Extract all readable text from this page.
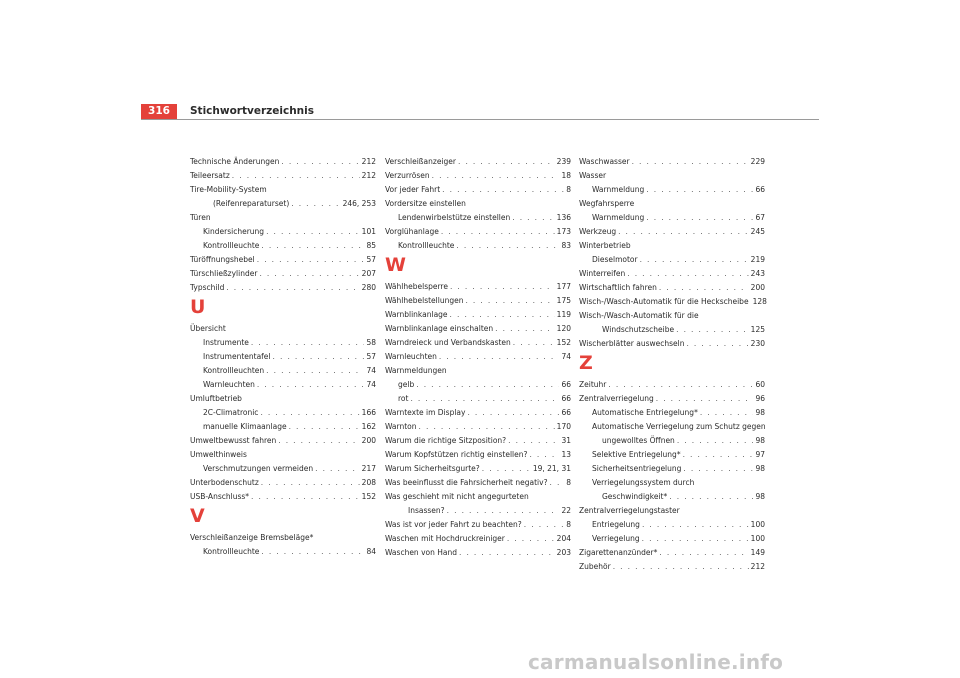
316	Stichwortverzeichnis
Technische Änderungen . . .	212
Teileersatz . . .	212
Tire-Mobility-System
(Reifenreparaturset) . . .	246, 253
Türen
Kindersicherung . . .	101
Kontrollleuchte . . .	85
Türöffnungshebel . . .	57
Türschließzylinder . . .	207
Typschild . . .	280
U
Übersicht
Instrumente . . .	58
Instrumententafel . . .	57
Kontrollleuchten . . .	74
Warnleuchten . . .	74
Umluftbetrieb
2C-Climatronic . . .	166
manuelle Klimaanlage . . .	162
Umweltbewusst fahren . . .	200
Umwelthinweis
Verschmutzungen vermeiden . . .	217
Unterbodenschutz . . .	208
USB-Anschluss* . . .	152
V
Verschleißanzeige Bremsbeläge*
Kontrollleuchte . . .	84
Verschleißanzeiger . . .	239
Verzurrösen . . .	18
Vor jeder Fahrt . . .	8
Vordersitze einstellen
Lendenwirbelstütze einstellen . . .	136
Vorglühanlage . . .	173
Kontrollleuchte . . .	83
W
Wählhebelsperre . . .	177
Wählhebelstellungen . . .	175
Warnblinkanlage . . .	119
Warnblinkanlage einschalten . . .	120
Warndreieck und Verbandskasten . . .	152
Warnleuchten . . .	74
Warnmeldungen
gelb . . .	66
rot . . .	66
Warntexte im Display . . .	66
Warnton . . .	170
Warum die richtige Sitzposition? . . .	31
Warum Kopfstützen richtig einstellen? . . .	13
Warum Sicherheitsgurte? . . .	19, 21, 31
Was beeinflusst die Fahrsicherheit negativ? . . . 8
Was geschieht mit nicht angegurteten
Insassen? . . .	22
Was ist vor jeder Fahrt zu beachten? . . .	8
Waschen mit Hochdruckreiniger . . .	204
Waschen von Hand . . .	203
Waschwasser . . .	229
Wasser
Warnmeldung . . .	66
Wegfahrsperre
Warnmeldung . . .	67
Werkzeug . . .	245
Winterbetrieb
Dieselmotor . . .	219
Winterreifen . . .	243
Wirtschaftlich fahren . . .	200
Wisch-/Wasch-Automatik für die Heckscheibe 128
Wisch-/Wasch-Automatik für die
Windschutzscheibe . . .	125
Wischerblätter auswechseln . . .	230
Z
Zeituhr . . .	60
Zentralverriegelung . . .	96
Automatische Entriegelung* . . .	98
Automatische Verriegelung zum Schutz gegen
ungewolltes Öffnen . . .	98
Selektive Entriegelung* . . .	97
Sicherheitsentriegelung . . .	98
Verriegelungssystem durch
Geschwindigkeit* . . .	98
Zentralverriegelungstaster
Entriegelung . . .	100
Verriegelung . . .	100
Zigarettenanzünder* . . .	149
Zubehör . . .	212
carmanualsonline.info
